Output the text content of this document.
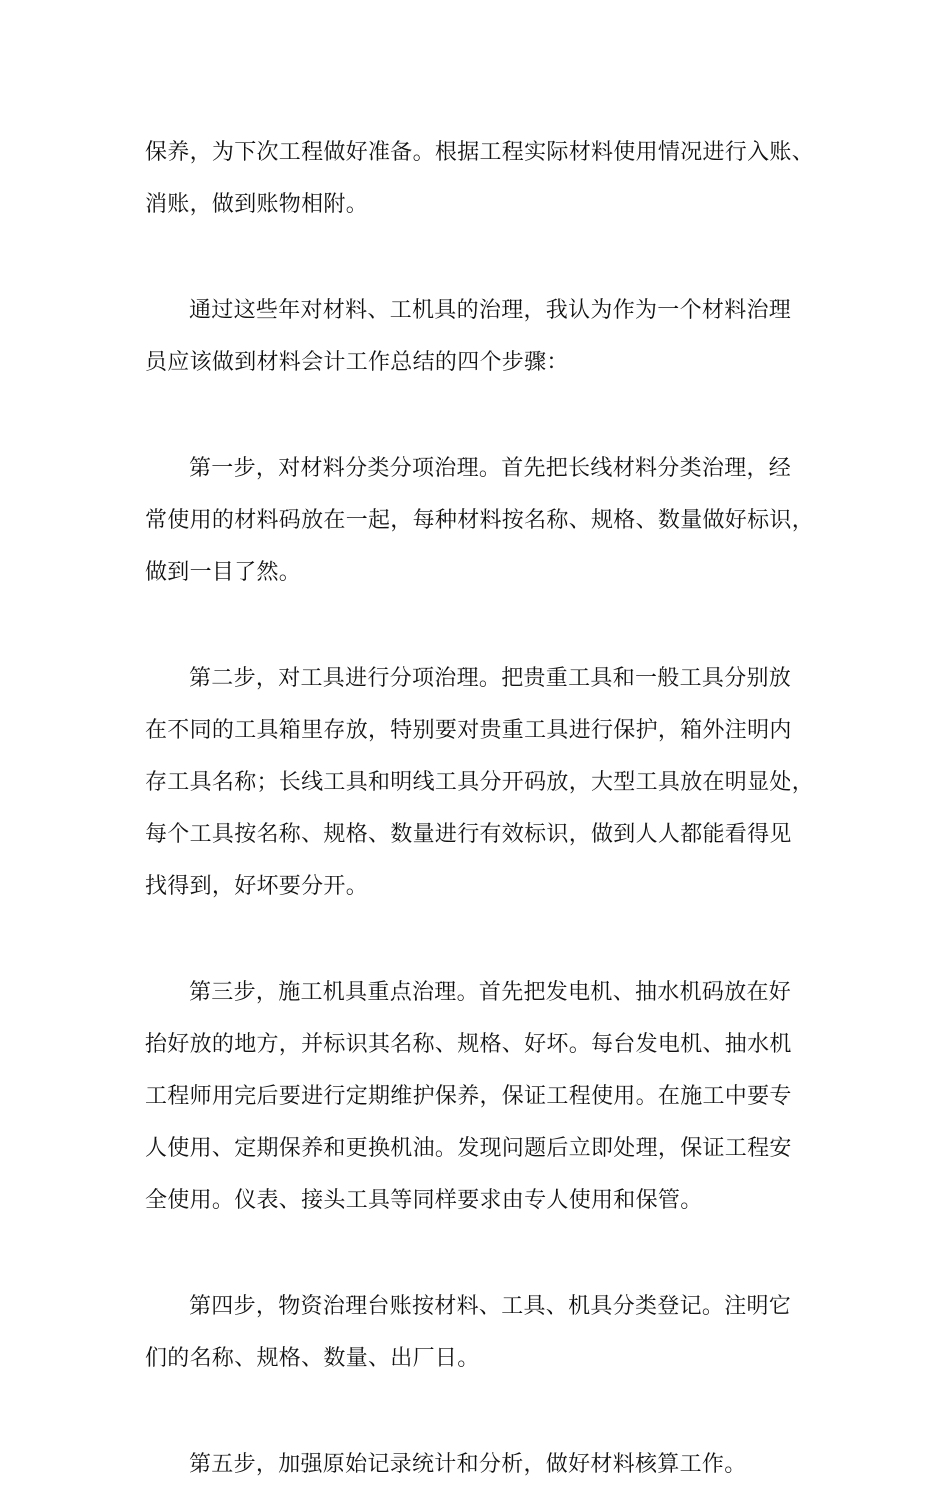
保养，为下次工程做好准备。根据工程实际材料使用情况进行入账、
消账，做到账物相附。
通过这些年对材料、工机具的治理，我认为作为一个材料治理
员应该做到材料会计工作总结的四个步骤：
第一步，对材料分类分项治理。首先把长线材料分类治理，经
常使用的材料码放在一起，每种材料按名称、规格、数量做好标识，
做到一目了然。
第二步，对工具进行分项治理。把贵重工具和一般工具分别放
在不同的工具箱里存放，特别要对贵重工具进行保护，箱外注明内
存工具名称；长线工具和明线工具分开码放，大型工具放在明显处，
每个工具按名称、规格、数量进行有效标识，做到人人都能看得见
找得到，好坏要分开。
第三步，施工机具重点治理。首先把发电机、抽水机码放在好
抬好放的地方，并标识其名称、规格、好坏。每台发电机、抽水机
工程师用完后要进行定期维护保养，保证工程使用。在施工中要专
人使用、定期保养和更换机油。发现问题后立即处理，保证工程安
全使用。仪表、接头工具等同样要求由专人使用和保管。
第四步，物资治理台账按材料、工具、机具分类登记。注明它
们的名称、规格、数量、出厂日。
第五步，加强原始记录统计和分析，做好材料核算工作。
